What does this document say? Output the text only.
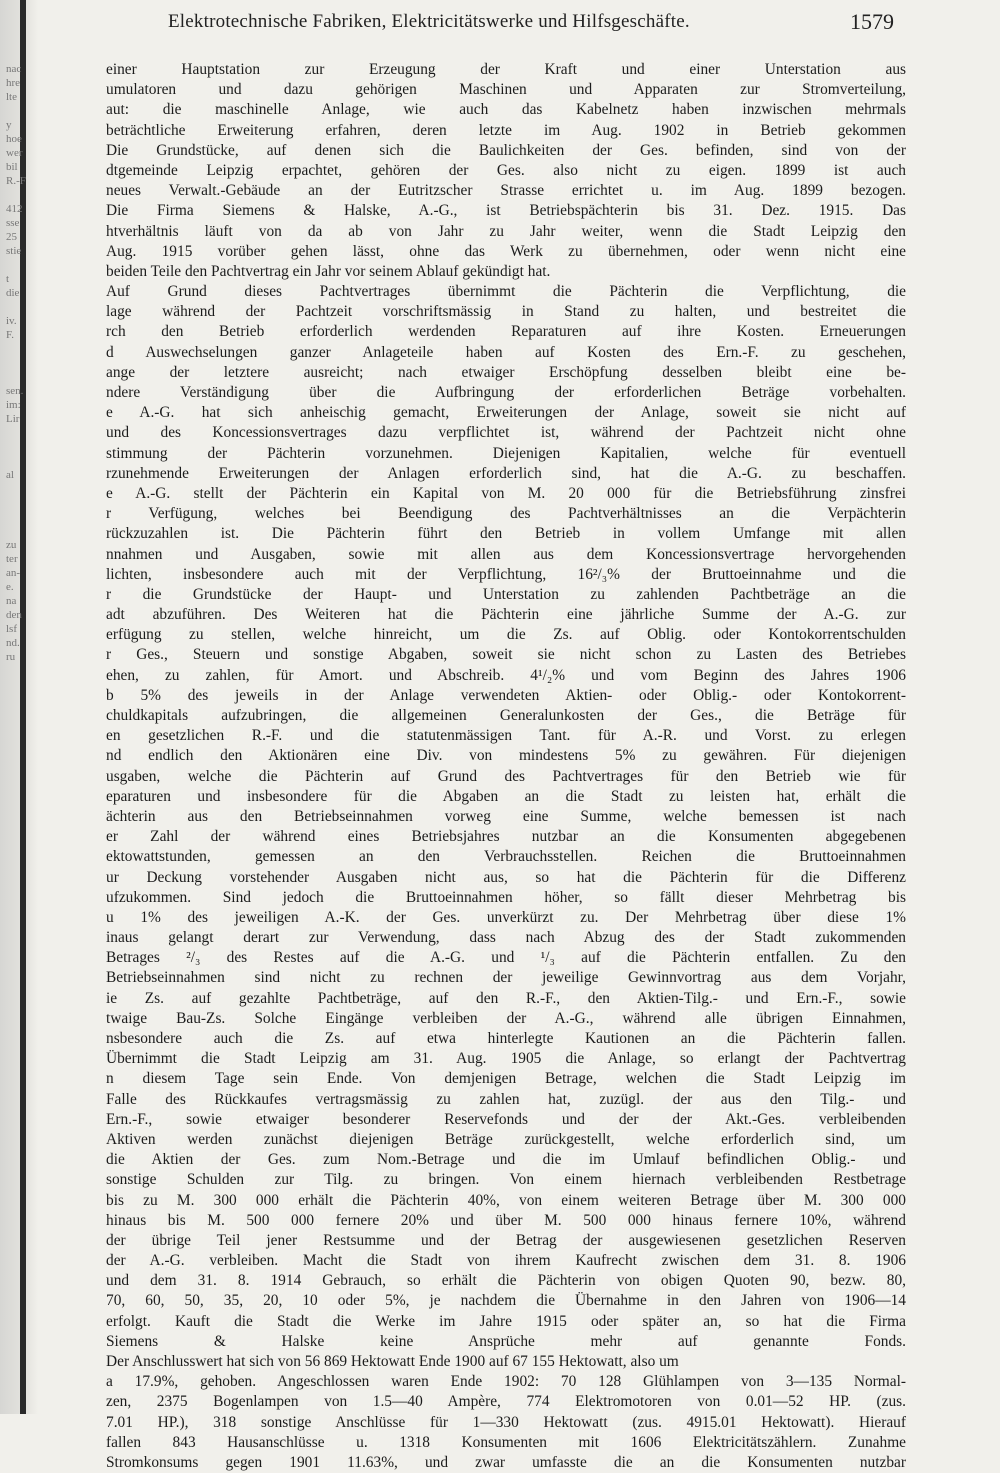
nac
hre
lte

y
hoe
wer
bil
R.-F

412
sse
25
stie

t
die

iv.
F.

sen.
im:
Lir

al

zu
ter
an-
e.
na
den
lsf
nd.
ru
Elektrotechnische Fabriken, Elektricitätswerke und Hilfsgeschäfte.	1579
einer Hauptstation zur Erzeugung der Kraft und einer Unterstation aus
umulatoren und dazu gehörigen Maschinen und Apparaten zur Stromverteilung,
aut: die maschinelle Anlage, wie auch das Kabelnetz haben inzwischen mehrmals
beträchtliche Erweiterung erfahren, deren letzte im Aug. 1902 in Betrieb gekommen
Die Grundstücke, auf denen sich die Baulichkeiten der Ges. befinden, sind von der
dtgemeinde Leipzig erpachtet, gehören der Ges. also nicht zu eigen. 1899 ist auch
neues Verwalt.-Gebäude an der Eutritzscher Strasse errichtet u. im Aug. 1899 bezogen.
Die Firma Siemens & Halske, A.-G., ist Betriebspächterin bis 31. Dez. 1915. Das
htverhältnis läuft von da ab von Jahr zu Jahr weiter, wenn die Stadt Leipzig den
Aug. 1915 vorüber gehen lässt, ohne das Werk zu übernehmen, oder wenn nicht eine
beiden Teile den Pachtvertrag ein Jahr vor seinem Ablauf gekündigt hat.
Auf Grund dieses Pachtvertrages übernimmt die Pächterin die Verpflichtung, die
lage während der Pachtzeit vorschriftsmässig in Stand zu halten, und bestreitet die
rch den Betrieb erforderlich werdenden Reparaturen auf ihre Kosten. Erneuerungen
d Auswechselungen ganzer Anlageteile haben auf Kosten des Ern.-F. zu geschehen,
ange der letztere ausreicht; nach etwaiger Erschöpfung desselben bleibt eine be-
ndere Verständigung über die Aufbringung der erforderlichen Beträge vorbehalten.
e A.-G. hat sich anheischig gemacht, Erweiterungen der Anlage, soweit sie nicht auf
und des Koncessionsvertrages dazu verpflichtet ist, während der Pachtzeit nicht ohne
stimmung der Pächterin vorzunehmen. Diejenigen Kapitalien, welche für eventuell
rzunehmende Erweiterungen der Anlagen erforderlich sind, hat die A.-G. zu beschaffen.
e A.-G. stellt der Pächterin ein Kapital von M. 20 000 für die Betriebsführung zinsfrei
r Verfügung, welches bei Beendigung des Pachtverhältnisses an die Verpächterin
rückzuzahlen ist. Die Pächterin führt den Betrieb in vollem Umfange mit allen
nnahmen und Ausgaben, sowie mit allen aus dem Koncessionsvertrage hervorgehenden
lichten, insbesondere auch mit der Verpflichtung, 16²/₃% der Bruttoeinnahme und die
r die Grundstücke der Haupt- und Unterstation zu zahlenden Pachtbeträge an die
adt abzuführen. Des Weiteren hat die Pächterin eine jährliche Summe der A.-G. zur
erfügung zu stellen, welche hinreicht, um die Zs. auf Oblig. oder Kontokorrentschulden
r Ges., Steuern und sonstige Abgaben, soweit sie nicht schon zu Lasten des Betriebes
ehen, zu zahlen, für Amort. und Abschreib. 4¹/₂% und vom Beginn des Jahres 1906
b 5% des jeweils in der Anlage verwendeten Aktien- oder Oblig.- oder Kontokorrent-
chuldkapitals aufzubringen, die allgemeinen Generalunkosten der Ges., die Beträge für
en gesetzlichen R.-F. und die statutenmässigen Tant. für A.-R. und Vorst. zu erlegen
nd endlich den Aktionären eine Div. von mindestens 5% zu gewähren. Für diejenigen
usgaben, welche die Pächterin auf Grund des Pachtvertrages für den Betrieb wie für
eparaturen und insbesondere für die Abgaben an die Stadt zu leisten hat, erhält die
ächterin aus den Betriebseinnahmen vorweg eine Summe, welche bemessen ist nach
er Zahl der während eines Betriebsjahres nutzbar an die Konsumenten abgegebenen
ektowattstunden, gemessen an den Verbrauchsstellen. Reichen die Bruttoeinnahmen
ur Deckung vorstehender Ausgaben nicht aus, so hat die Pächterin für die Differenz
ufzukommen. Sind jedoch die Bruttoeinnahmen höher, so fällt dieser Mehrbetrag bis
u 1% des jeweiligen A.-K. der Ges. unverkürzt zu. Der Mehrbetrag über diese 1%
inaus gelangt derart zur Verwendung, dass nach Abzug des der Stadt zukommenden
Betrages ²/₃ des Restes auf die A.-G. und ¹/₃ auf die Pächterin entfallen. Zu den
Betriebseinnahmen sind nicht zu rechnen der jeweilige Gewinnvortrag aus dem Vorjahr,
ie Zs. auf gezahlte Pachtbeträge, auf den R.-F., den Aktien-Tilg.- und Ern.-F., sowie
twaige Bau-Zs. Solche Eingänge verbleiben der A.-G., während alle übrigen Einnahmen,
nsbesondere auch die Zs. auf etwa hinterlegte Kautionen an die Pächterin fallen.
Übernimmt die Stadt Leipzig am 31. Aug. 1905 die Anlage, so erlangt der Pachtvertrag
n diesem Tage sein Ende. Von demjenigen Betrage, welchen die Stadt Leipzig im
Falle des Rückkaufes vertragsmässig zu zahlen hat, zuzügl. der aus den Tilg.- und
Ern.-F., sowie etwaiger besonderer Reservefonds und der der Akt.-Ges. verbleibenden
Aktiven werden zunächst diejenigen Beträge zurückgestellt, welche erforderlich sind, um
die Aktien der Ges. zum Nom.-Betrage und die im Umlauf befindlichen Oblig.- und
sonstige Schulden zur Tilg. zu bringen. Von einem hiernach verbleibenden Restbetrage
bis zu M. 300 000 erhält die Pächterin 40%, von einem weiteren Betrage über M. 300 000
hinaus bis M. 500 000 fernere 20% und über M. 500 000 hinaus fernere 10%, während
der übrige Teil jener Restsumme und der Betrag der ausgewiesenen gesetzlichen Reserven
der A.-G. verbleiben. Macht die Stadt von ihrem Kaufrecht zwischen dem 31. 8. 1906
und dem 31. 8. 1914 Gebrauch, so erhält die Pächterin von obigen Quoten 90, bezw. 80,
70, 60, 50, 35, 20, 10 oder 5%, je nachdem die Übernahme in den Jahren von 1906—14
erfolgt. Kauft die Stadt die Werke im Jahre 1915 oder später an, so hat die Firma
Siemens & Halske keine Ansprüche mehr auf genannte Fonds.
Der Anschlusswert hat sich von 56 869 Hektowatt Ende 1900 auf 67 155 Hektowatt, also um
a 17.9%, gehoben. Angeschlossen waren Ende 1902: 70 128 Glühlampen von 3—135 Normal-
zen, 2375 Bogenlampen von 1.5—40 Ampère, 774 Elektromotoren von 0.01—52 HP. (zus.
7.01 HP.), 318 sonstige Anschlüsse für 1—330 Hektowatt (zus. 4915.01 Hektowatt). Hierauf
fallen 843 Hausanschlüsse u. 1318 Konsumenten mit 1606 Elektricitätszählern. Zunahme
Stromkonsums gegen 1901 11.63%, und zwar umfasste die an die Konsumenten nutzbar
